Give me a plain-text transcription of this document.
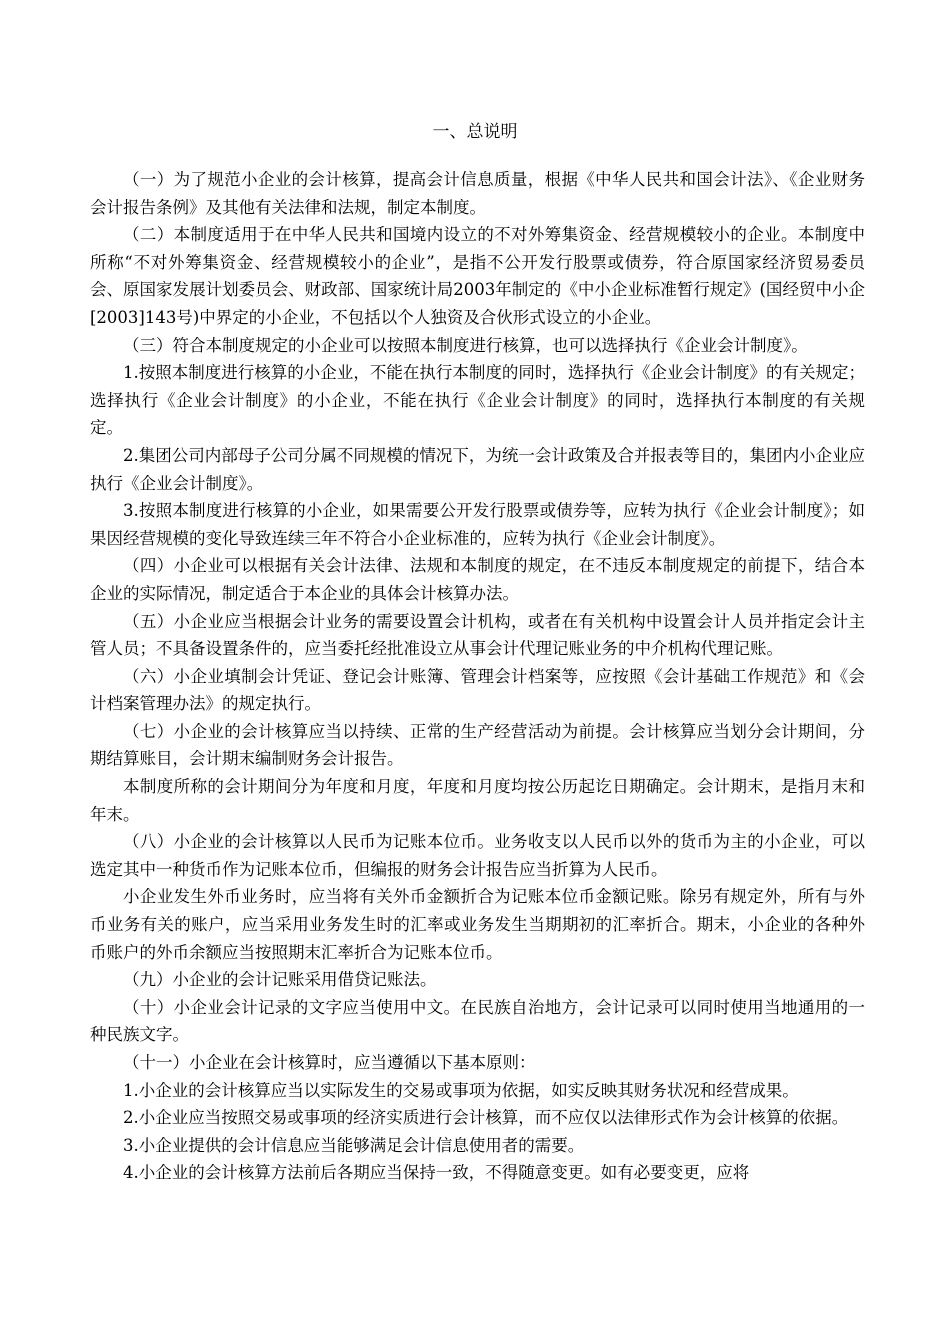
一、总说明

（一）为了规范小企业的会计核算，提高会计信息质量，根据《中华人民共和国会计法》、《企业财务会计报告条例》及其他有关法律和法规，制定本制度。

（二）本制度适用于在中华人民共和国境内设立的不对外筹集资金、经营规模较小的企业。本制度中所称“不对外筹集资金、经营规模较小的企业”，是指不公开发行股票或债券，符合原国家经济贸易委员会、原国家发展计划委员会、财政部、国家统计局2003年制定的《中小企业标准暂行规定》(国经贸中小企[2003]143号)中界定的小企业，不包括以个人独资及合伙形式设立的小企业。

（三）符合本制度规定的小企业可以按照本制度进行核算，也可以选择执行《企业会计制度》。

1.按照本制度进行核算的小企业，不能在执行本制度的同时，选择执行《企业会计制度》的有关规定；选择执行《企业会计制度》的小企业，不能在执行《企业会计制度》的同时，选择执行本制度的有关规定。

2.集团公司内部母子公司分属不同规模的情况下，为统一会计政策及合并报表等目的，集团内小企业应执行《企业会计制度》。

3.按照本制度进行核算的小企业，如果需要公开发行股票或债券等，应转为执行《企业会计制度》；如果因经营规模的变化导致连续三年不符合小企业标准的，应转为执行《企业会计制度》。

（四）小企业可以根据有关会计法律、法规和本制度的规定，在不违反本制度规定的前提下，结合本企业的实际情况，制定适合于本企业的具体会计核算办法。

（五）小企业应当根据会计业务的需要设置会计机构，或者在有关机构中设置会计人员并指定会计主管人员；不具备设置条件的，应当委托经批准设立从事会计代理记账业务的中介机构代理记账。

（六）小企业填制会计凭证、登记会计账簿、管理会计档案等，应按照《会计基础工作规范》和《会计档案管理办法》的规定执行。

（七）小企业的会计核算应当以持续、正常的生产经营活动为前提。会计核算应当划分会计期间，分期结算账目，会计期末编制财务会计报告。

本制度所称的会计期间分为年度和月度，年度和月度均按公历起讫日期确定。会计期末，是指月末和年末。

（八）小企业的会计核算以人民币为记账本位币。业务收支以人民币以外的货币为主的小企业，可以选定其中一种货币作为记账本位币，但编报的财务会计报告应当折算为人民币。

小企业发生外币业务时，应当将有关外币金额折合为记账本位币金额记账。除另有规定外，所有与外币业务有关的账户，应当采用业务发生时的汇率或业务发生当期期初的汇率折合。期末，小企业的各种外币账户的外币余额应当按照期末汇率折合为记账本位币。

（九）小企业的会计记账采用借贷记账法。

（十）小企业会计记录的文字应当使用中文。在民族自治地方，会计记录可以同时使用当地通用的一种民族文字。

（十一）小企业在会计核算时，应当遵循以下基本原则：

1.小企业的会计核算应当以实际发生的交易或事项为依据，如实反映其财务状况和经营成果。

2.小企业应当按照交易或事项的经济实质进行会计核算，而不应仅以法律形式作为会计核算的依据。

3.小企业提供的会计信息应当能够满足会计信息使用者的需要。

4.小企业的会计核算方法前后各期应当保持一致，不得随意变更。如有必要变更，应将
